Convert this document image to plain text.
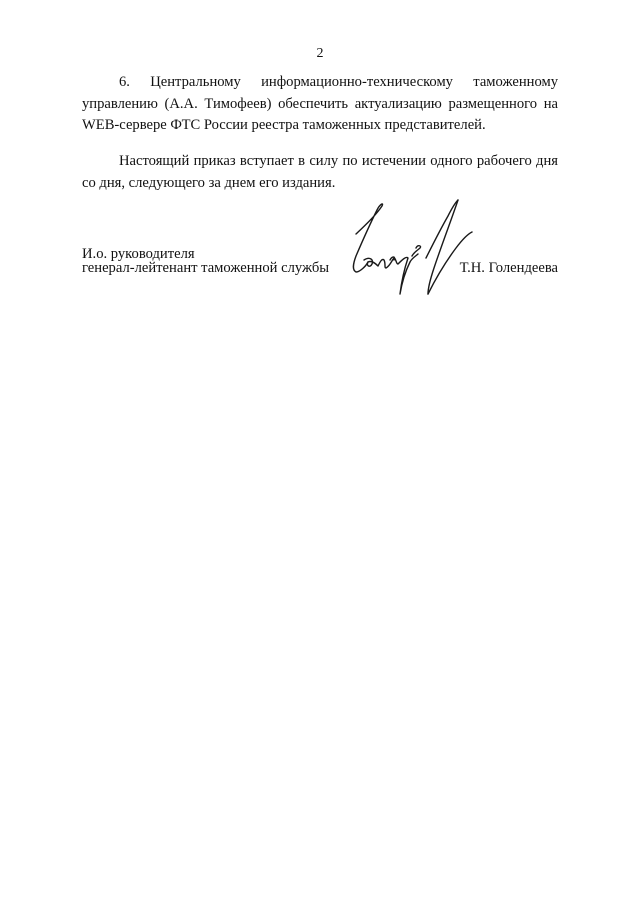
2

6. Центральному информационно-техническому таможенному управлению (А.А. Тимофеев) обеспечить актуализацию размещенного на WEB-сервере ФТС России реестра таможенных представителей.

Настоящий приказ вступает в силу по истечении одного рабочего дня со дня, следующего за днем его издания.

И.о. руководителя
генерал-лейтенант таможенной службы	Т.Н. Голендеева
